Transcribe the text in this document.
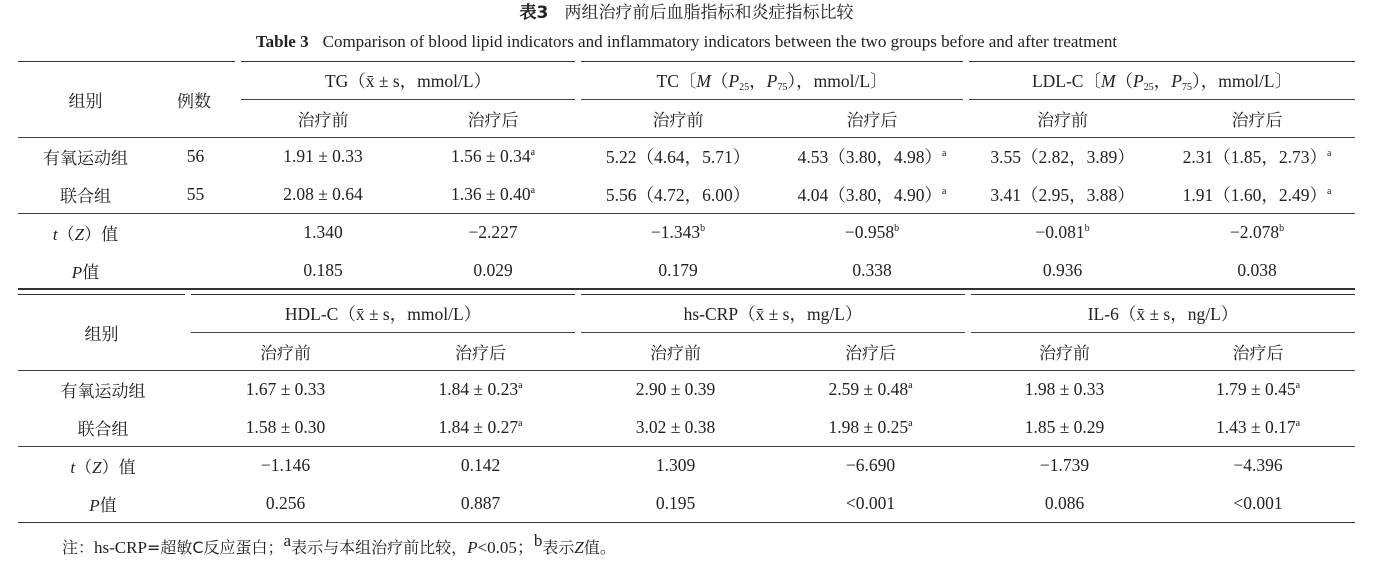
表3 两组治疗前后血脂指标和炎症指标比较
Table 3 Comparison of blood lipid indicators and inflammatory indicators between the two groups before and after treatment
组别	例数	TG（x̄ ± s，mmol/L）		TC〔$M(P_{25}$，$P_{75}$），mmol/L〕		LDL-C〔$M(P_{25}$，$P_{75}$），mmol/L〕	
		治疗前	治疗后	治疗前	治疗后	治疗前	治疗后
有氧运动组	56	1.91 ± 0.33	1.56 ± 0.34$^a$	5.22（4.64，5.71）	4.53（3.80，4.98）$^a$	3.55（2.82，3.89）	2.31（1.85，2.73）$^a$
联合组	55	2.08 ± 0.64	1.36 ± 0.40$^a$	5.56（4.72，6.00）	4.04（3.80，4.90）$^a$	3.41（2.95，3.88）	1.91（1.60，2.49）$^a$
t（Z）值		1.340	−2.227	−1.343$^b$	−0.958$^b$	−0.081$^b$	−2.078$^b$
P值		0.185	0.029	0.179	0.338	0.936	0.038
组别	HDL-C（x̄ ± s，mmol/L）		hs-CRP（x̄ ± s，mg/L）		IL-6（x̄ ± s，ng/L）	
	治疗前	治疗后	治疗前	治疗后	治疗前	治疗后
有氧运动组	1.67 ± 0.33	1.84 ± 0.23$^a$	2.90 ± 0.39	2.59 ± 0.48$^a$	1.98 ± 0.33	1.79 ± 0.45$^a$
联合组	1.58 ± 0.30	1.84 ± 0.27$^a$	3.02 ± 0.38	1.98 ± 0.25$^a$	1.85 ± 0.29	1.43 ± 0.17$^a$
t（Z）值	−1.146	0.142	1.309	−6.690	−1.739	−4.396
P值	0.256	0.887	0.195	<0.001	0.086	<0.001
注：hs-CRP=超敏C反应蛋白；$^a$表示与本组治疗前比较，P<0.05；$^b$表示Z值。
